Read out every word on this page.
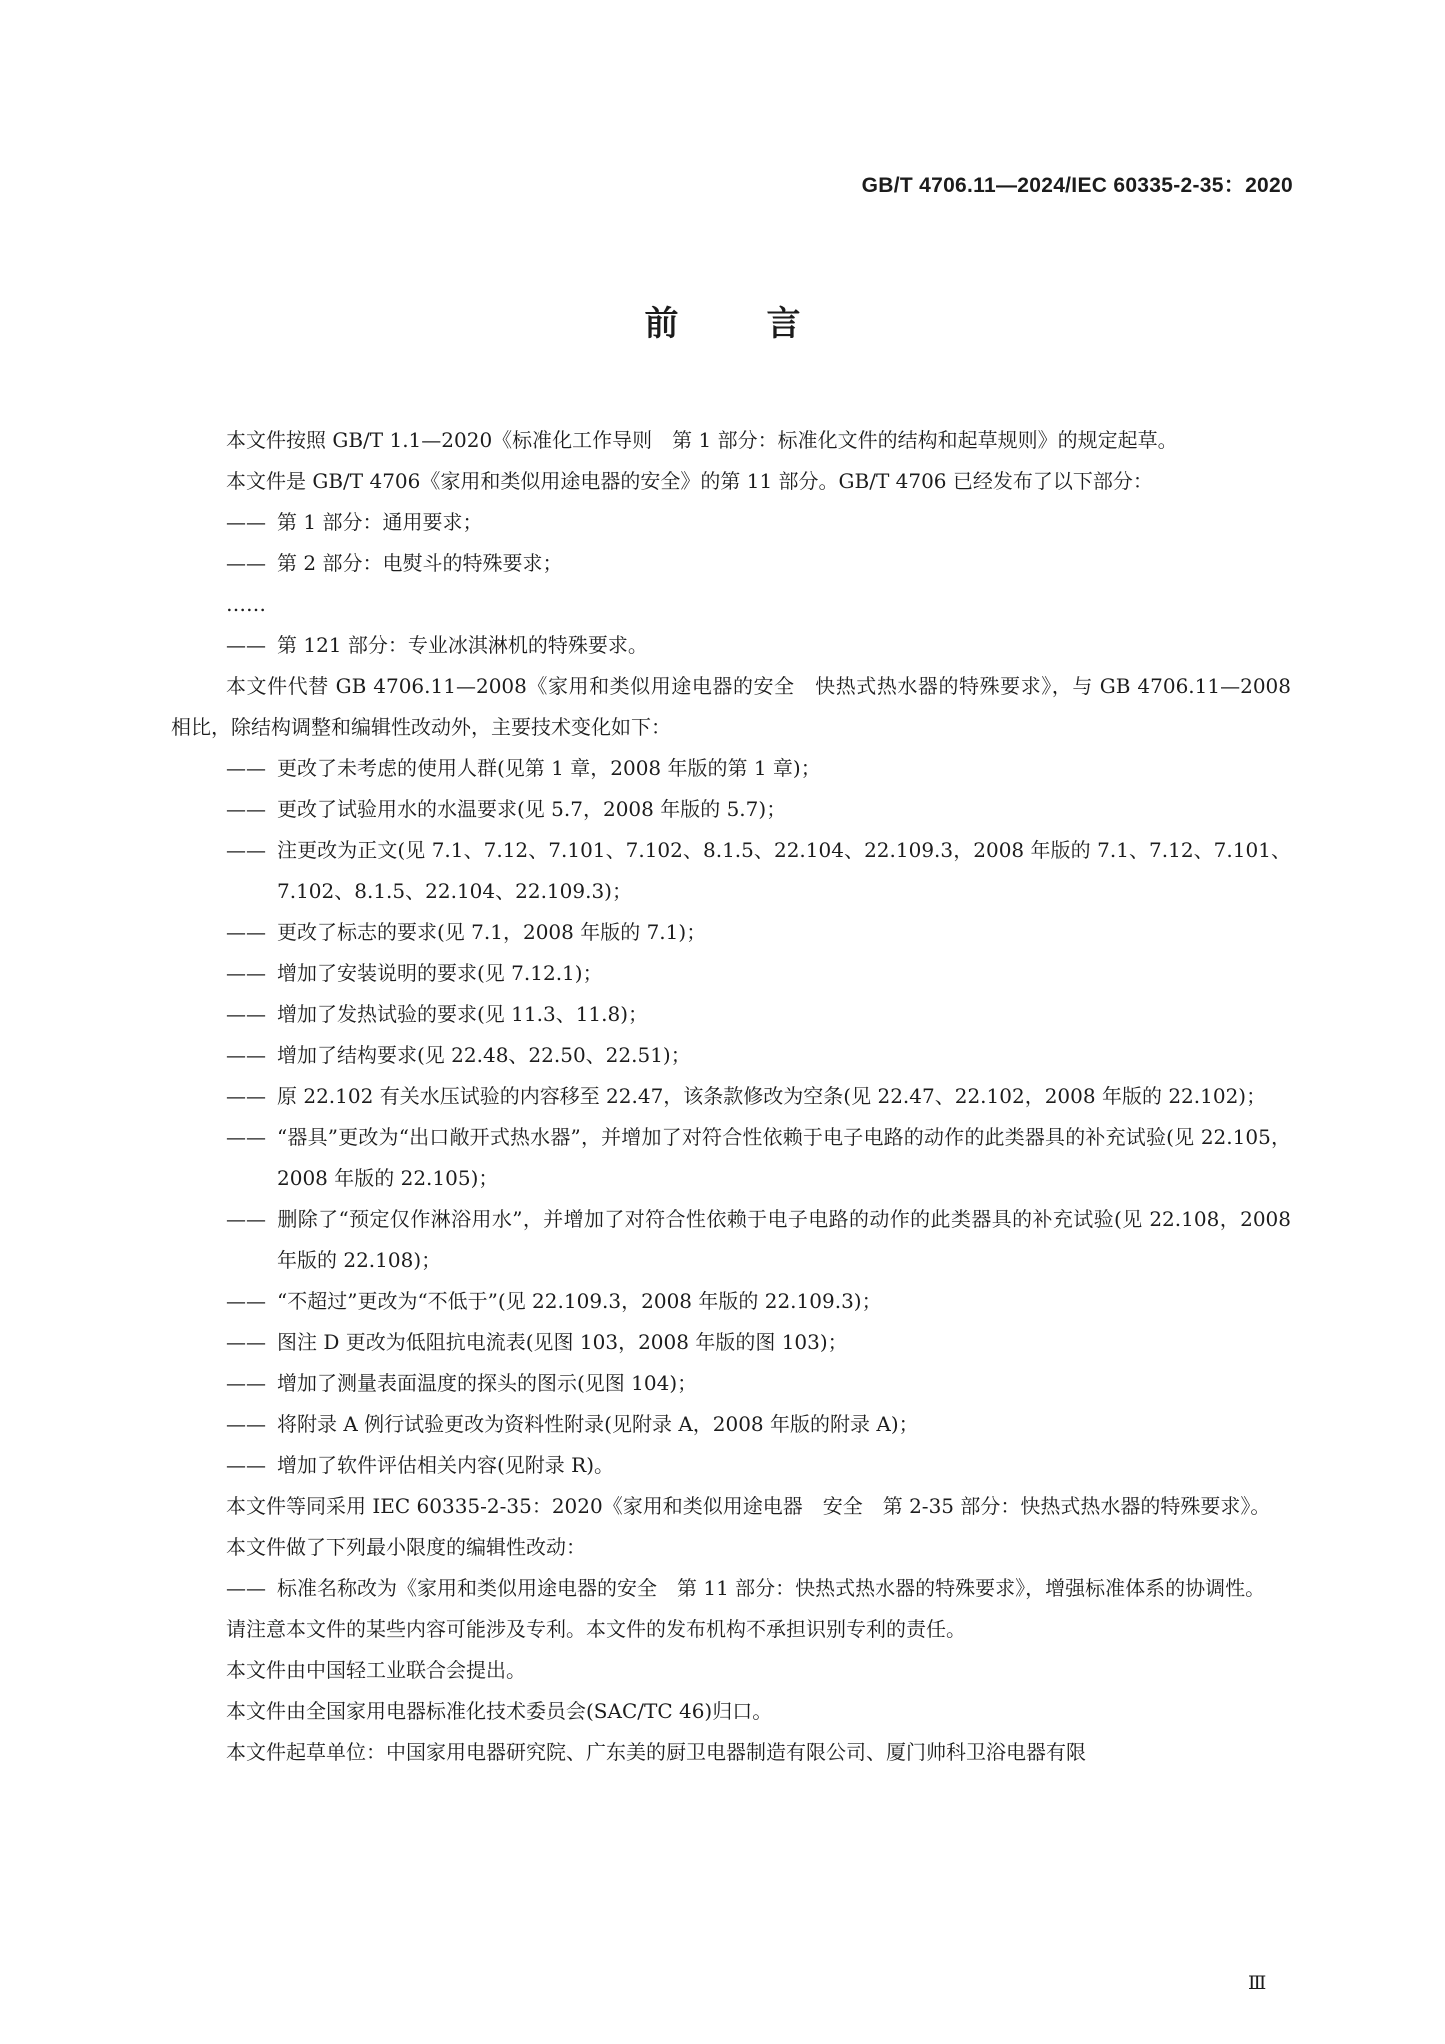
GB/T 4706.11—2024/IEC 60335-2-35：2020
前言

本文件按照 GB/T 1.1—2020《标准化工作导则　第 1 部分：标准化文件的结构和起草规则》的规定起草。

本文件是 GB/T 4706《家用和类似用途电器的安全》的第 11 部分。GB/T 4706 已经发布了以下部分：

—— 第 1 部分：通用要求；

—— 第 2 部分：电熨斗的特殊要求；

……

—— 第 121 部分：专业冰淇淋机的特殊要求。

本文件代替 GB 4706.11—2008《家用和类似用途电器的安全　快热式热水器的特殊要求》，与 GB 4706.11—2008 相比，除结构调整和编辑性改动外，主要技术变化如下：

—— 更改了未考虑的使用人群(见第 1 章，2008 年版的第 1 章)；

—— 更改了试验用水的水温要求(见 5.7，2008 年版的 5.7)；

—— 注更改为正文(见 7.1、7.12、7.101、7.102、8.1.5、22.104、22.109.3，2008 年版的 7.1、7.12、7.101、7.102、8.1.5、22.104、22.109.3)；

—— 更改了标志的要求(见 7.1，2008 年版的 7.1)；

—— 增加了安装说明的要求(见 7.12.1)；

—— 增加了发热试验的要求(见 11.3、11.8)；

—— 增加了结构要求(见 22.48、22.50、22.51)；

—— 原 22.102 有关水压试验的内容移至 22.47，该条款修改为空条(见 22.47、22.102，2008 年版的 22.102)；

—— “器具”更改为“出口敞开式热水器”，并增加了对符合性依赖于电子电路的动作的此类器具的补充试验(见 22.105，2008 年版的 22.105)；

—— 删除了“预定仅作淋浴用水”，并增加了对符合性依赖于电子电路的动作的此类器具的补充试验(见 22.108，2008 年版的 22.108)；

—— “不超过”更改为“不低于”(见 22.109.3，2008 年版的 22.109.3)；

—— 图注 D 更改为低阻抗电流表(见图 103，2008 年版的图 103)；

—— 增加了测量表面温度的探头的图示(见图 104)；

—— 将附录 A 例行试验更改为资料性附录(见附录 A，2008 年版的附录 A)；

—— 增加了软件评估相关内容(见附录 R)。

本文件等同采用 IEC 60335-2-35：2020《家用和类似用途电器　安全　第 2-35 部分：快热式热水器的特殊要求》。

本文件做了下列最小限度的编辑性改动：

—— 标准名称改为《家用和类似用途电器的安全　第 11 部分：快热式热水器的特殊要求》，增强标准体系的协调性。

请注意本文件的某些内容可能涉及专利。本文件的发布机构不承担识别专利的责任。

本文件由中国轻工业联合会提出。

本文件由全国家用电器标准化技术委员会(SAC/TC 46)归口。

本文件起草单位：中国家用电器研究院、广东美的厨卫电器制造有限公司、厦门帅科卫浴电器有限

Ⅲ
